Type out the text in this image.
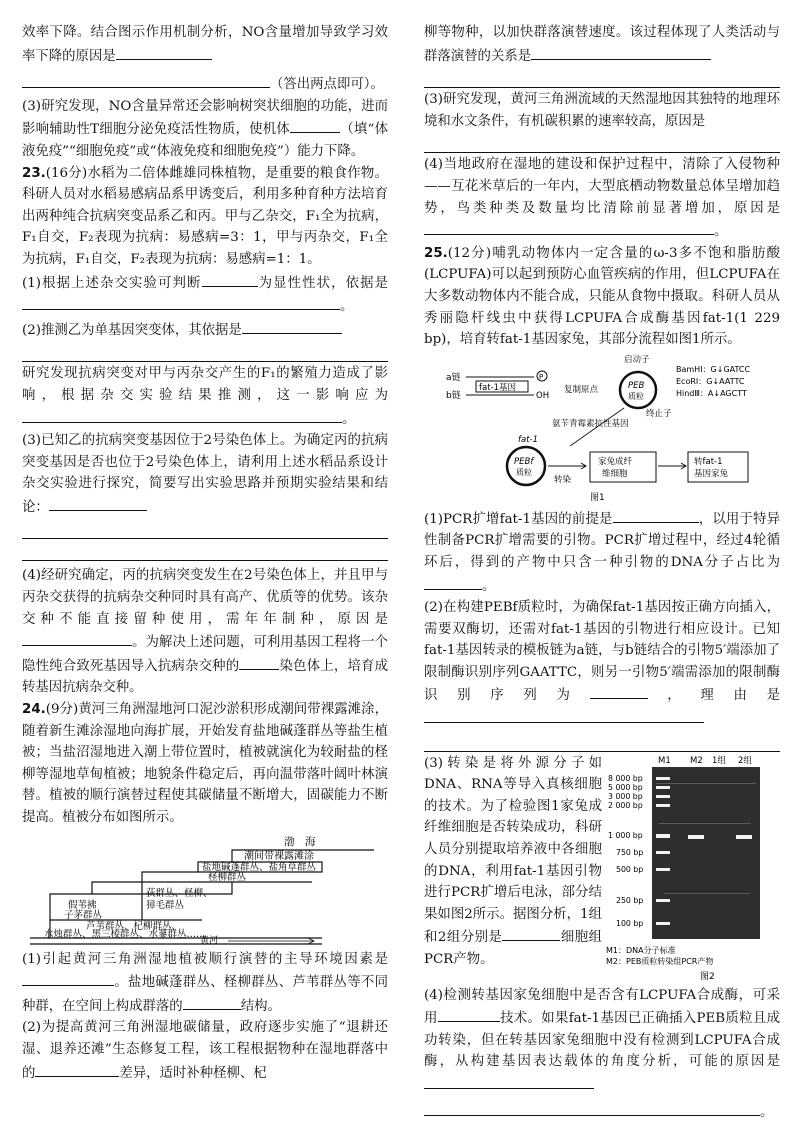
效率下降。结合图示作用机制分析，NO含量增加导致学习效率下降的原因是

（答出两点即可）。

(3)研究发现，NO含量异常还会影响树突状细胞的功能，进而影响辅助性T细胞分泌免疫活性物质，使机体	（填“体液免疫”“细胞免疫”或“体液免疫和细胞免疫”）能力下降。

23.(16分)水稻为二倍体雌雄同株植物，是重要的粮食作物。科研人员对水稻易感病品系甲诱变后，利用多种育种方法培育出两种纯合抗病突变品系乙和丙。甲与乙杂交，F₁全为抗病，F₁自交，F₂表现为抗病：易感病=3：1，甲与丙杂交，F₁全为抗病，F₁自交，F₂表现为抗病：易感病=1：1。

(1)根据上述杂交实验可判断	为显性性状，依据是。

(2)推测乙为单基因突变体，其依据是

研究发现抗病突变对甲与丙杂交产生的F₁的繁殖力造成了影响，根据杂交实验结果推测，这一影响应为。

(3)已知乙的抗病突变基因位于2号染色体上。为确定丙的抗病突变基因是否也位于2号染色体上，请利用上述水稻品系设计杂交实验进行探究，简要写出实验思路并预期实验结果和结论：

(4)经研究确定，丙的抗病突变发生在2号染色体上，并且甲与丙杂交获得的抗病杂交种同时具有高产、优质等的优势。该杂交种不能直接留种使用，需年年制种，原因是。为解决上述问题，可利用基因工程将一个隐性纯合致死基因导入抗病杂交种的	染色体上，培育成转基因抗病杂交种。

24.(9分)黄河三角洲湿地河口泥沙淤积形成潮间带裸露滩涂，随着新生滩涂湿地向海扩展，开始发育盐地碱蓬群丛等盐生植被；当盐沼湿地进入潮上带位置时，植被就演化为较耐盐的柽柳等湿地草甸植被；地貌条件稳定后，再向温带落叶阔叶林演替。植被的顺行演替过程使其碳储量不断增大，固碳能力不断提高。植被分布如图所示。

渤　海
潮间带裸露滩涂
盐地碱蓬群丛、盐角草群丛
柽柳群丛
假苇拂
子茅群丛
荻群丛、柽柳、
獐毛群丛
芦苇群丛、杞柳群丛、
水烛群丛、黑三棱群丛、水蓼群丛……
黄河

(1)引起黄河三角洲湿地植被顺行演替的主导环境因素是。盐地碱蓬群丛、柽柳群丛、芦苇群丛等不同种群，在空间上构成群落的	结构。

(2)为提高黄河三角洲湿地碳储量，政府逐步实施了“退耕还湿、退养还滩”生态修复工程，该工程根据物种在湿地群落中的	差异，适时补种柽柳、杞

柳等物种，以加快群落演替速度。该过程体现了人类活动与群落演替的关系是

(3)研究发现，黄河三角洲流域的天然湿地因其独特的地理环境和水文条件，有机碳积累的速率较高，原因是

(4)当地政府在湿地的建设和保护过程中，清除了入侵物种——互花米草后的一年内，大型底栖动物数量总体呈增加趋势，鸟类种类及数量均比清除前显著增加，原因是。

25.(12分)哺乳动物体内一定含量的ω-3多不饱和脂肪酸(LCPUFA)可以起到预防心血管疾病的作用，但LCPUFA在大多数动物体内不能合成，只能从食物中摄取。科研人员从秀丽隐杆线虫中获得LCPUFA合成酶基因fat-1(1 229 bp)，培育转fat-1基因家兔，其部分流程如图1所示。

a链
b链
fat-1基因
P
OH
复制原点
启动子
PEB
质粒
BamHⅠ：G↓GATCC
EcoRⅠ：G↓AATTC
HindⅢ：A↓AGCTT
终止子
氨苄青霉素抗性基因
fat-1
PEBf
质粒
转染
家兔成纤
维细胞
转fat-1
基因家兔
图1

(1)PCR扩增fat-1基因的前提是	，以用于特异性制备PCR扩增需要的引物。PCR扩增过程中，经过4轮循环后，得到的产物中只含一种引物的DNA分子占比为。

(2)在构建PEBf质粒时，为确保fat-1基因按正确方向插入，需要双酶切，还需对fat-1基因的引物进行相应设计。已知fat-1基因转录的模板链为a链，与b链结合的引物5′端添加了限制酶识别序列GAATTC，则另一引物5′端需添加的限制酶识别序列为	，理由是

(3)转染是将外源分子如DNA、RNA等导入真核细胞的技术。为了检验图1家兔成纤维细胞是否转染成功，科研人员分别提取培养液中各细胞的DNA，利用fat-1基因引物进行PCR扩增后电泳，部分结果如图2所示。据图分析，1组和2组分别是	细胞组PCR产物。

M1 M2 1组 2组
8 000 bp
5 000 bp
3 000 bp
2 000 bp
1 000 bp
750 bp
500 bp
250 bp
100 bp
M1：DNA分子标准
M2：PEB质粒转染组PCR产物
图2

(4)检测转基因家兔细胞中是否含有LCPUFA合成酶，可采用	技术。如果fat-1基因已正确插入PEB质粒且成功转染，但在转基因家兔细胞中没有检测到LCPUFA合成酶，从构建基因表达载体的角度分析，可能的原因是

。
